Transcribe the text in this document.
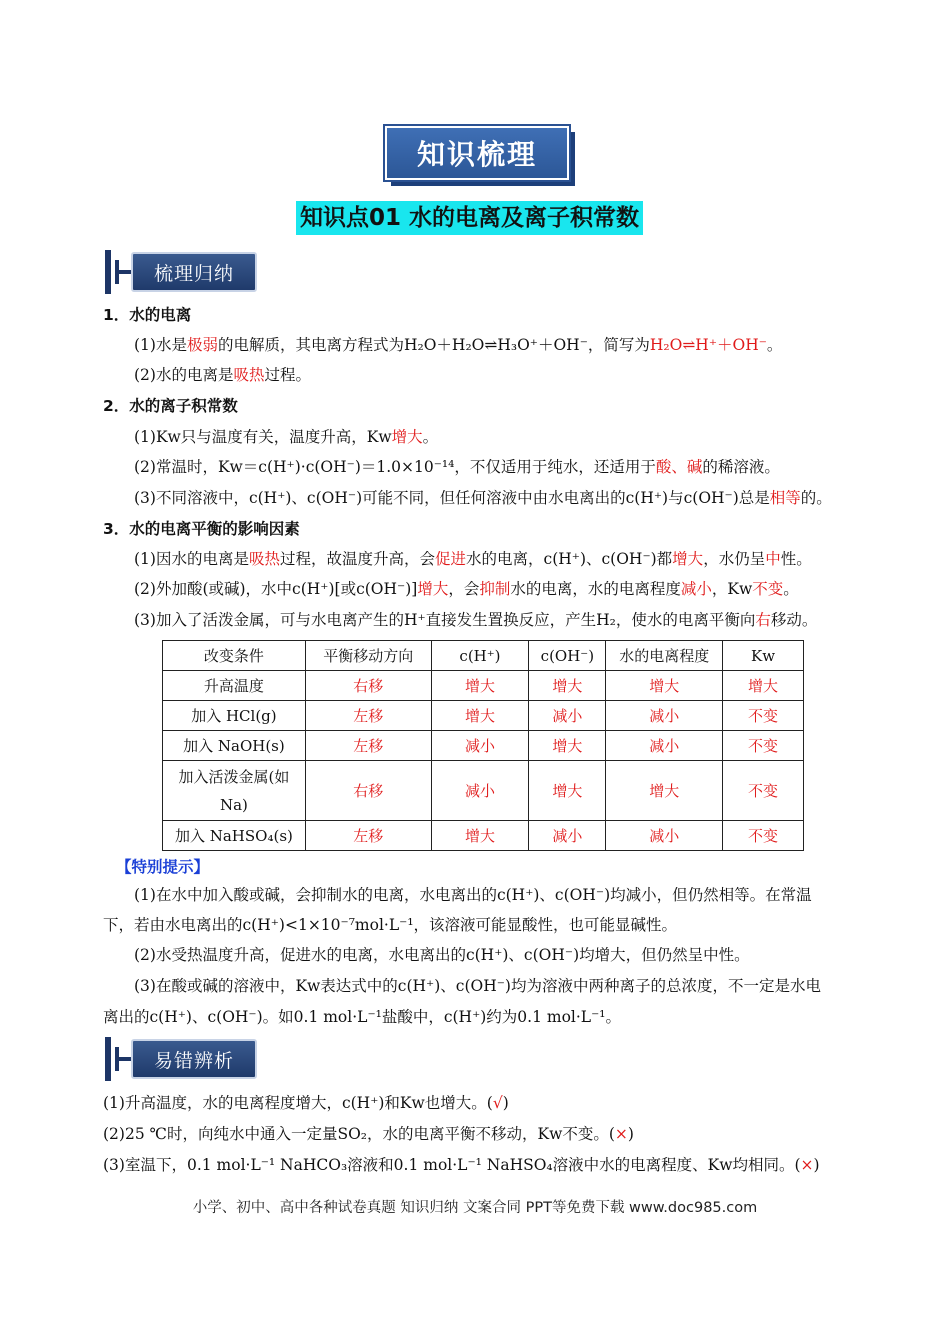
知识梳理
知识点01 水的电离及离子积常数
梳理归纳
1．水的电离
(1)水是极弱的电解质，其电离方程式为H₂O＋H₂O⇌H₃O⁺＋OH⁻，简写为H₂O⇌H⁺＋OH⁻。
(2)水的电离是吸热过程。
2．水的离子积常数
(1)Kw只与温度有关，温度升高，Kw增大。
(2)常温时，Kw＝c(H⁺)·c(OH⁻)＝1.0×10⁻¹⁴，不仅适用于纯水，还适用于酸、碱的稀溶液。
(3)不同溶液中，c(H⁺)、c(OH⁻)可能不同，但任何溶液中由水电离出的c(H⁺)与c(OH⁻)总是相等的。
3．水的电离平衡的影响因素
(1)因水的电离是吸热过程，故温度升高，会促进水的电离，c(H⁺)、c(OH⁻)都增大，水仍呈中性。
(2)外加酸(或碱)，水中c(H⁺)[或c(OH⁻)]增大，会抑制水的电离，水的电离程度减小，Kw不变。
(3)加入了活泼金属，可与水电离产生的H⁺直接发生置换反应，产生H₂，使水的电离平衡向右移动。
改变条件	平衡移动方向	c(H⁺)	c(OH⁻)	水的电离程度	Kw
升高温度	右移	增大	增大	增大	增大
加入 HCl(g)	左移	增大	减小	减小	不变
加入 NaOH(s)	左移	减小	增大	减小	不变
加入活泼金属(如Na)	右移	减小	增大	增大	不变
加入 NaHSO₄(s)	左移	增大	减小	减小	不变
【特别提示】
(1)在水中加入酸或碱，会抑制水的电离，水电离出的c(H⁺)、c(OH⁻)均减小，但仍然相等。在常温
下，若由水电离出的c(H⁺)<1×10⁻⁷mol·L⁻¹，该溶液可能显酸性，也可能显碱性。
(2)水受热温度升高，促进水的电离，水电离出的c(H⁺)、c(OH⁻)均增大，但仍然呈中性。
(3)在酸或碱的溶液中，Kw表达式中的c(H⁺)、c(OH⁻)均为溶液中两种离子的总浓度，不一定是水电
离出的c(H⁺)、c(OH⁻)。如0.1 mol·L⁻¹盐酸中，c(H⁺)约为0.1 mol·L⁻¹。
易错辨析
(1)升高温度，水的电离程度增大，c(H⁺)和Kw也增大。(√)
(2)25 ℃时，向纯水中通入一定量SO₂，水的电离平衡不移动，Kw不变。(×)
(3)室温下，0.1 mol·L⁻¹ NaHCO₃溶液和0.1 mol·L⁻¹ NaHSO₄溶液中水的电离程度、Kw均相同。(×)
小学、初中、高中各种试卷真题 知识归纳 文案合同 PPT等免费下载 www.doc985.com
